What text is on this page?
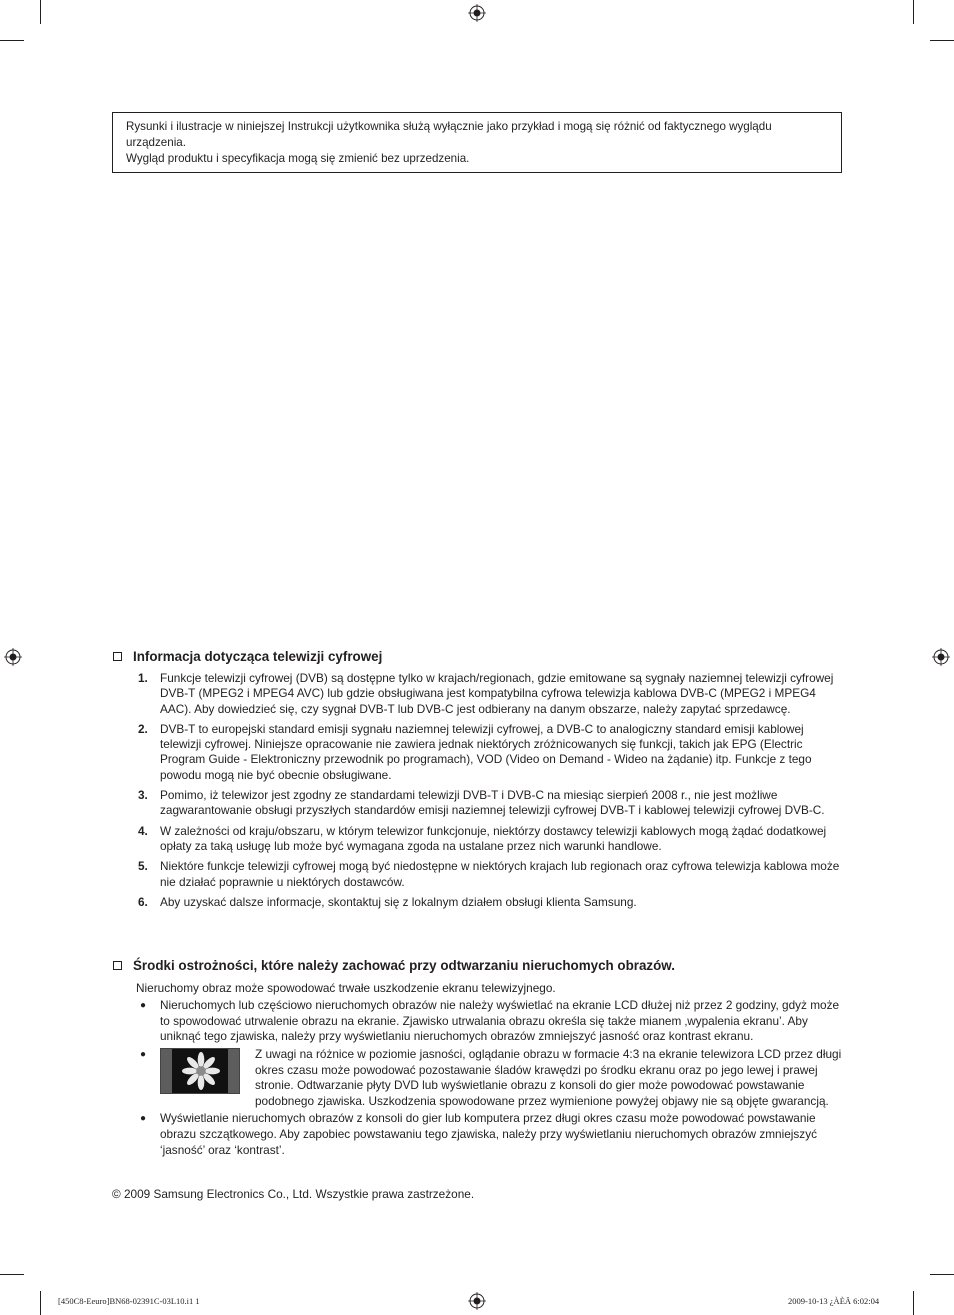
Rysunki i ilustracje w niniejszej Instrukcji użytkownika służą wyłącznie jako przykład i mogą się różnić od faktycznego wyglądu urządzenia.

Wygląd produktu i specyfikacja mogą się zmienić bez uprzedzenia.

Informacja dotycząca telewizji cyfrowej
1. Funkcje telewizji cyfrowej (DVB) są dostępne tylko w krajach/regionach, gdzie emitowane są sygnały naziemnej telewizji cyfrowej DVB-T (MPEG2 i MPEG4 AVC) lub gdzie obsługiwana jest kompatybilna cyfrowa telewizja kablowa DVB-C (MPEG2 i MPEG4 AAC). Aby dowiedzieć się, czy sygnał DVB-T lub DVB-C jest odbierany na danym obszarze, należy zapytać sprzedawcę.
2. DVB-T to europejski standard emisji sygnału naziemnej telewizji cyfrowej, a DVB-C to analogiczny standard emisji kablowej telewizji cyfrowej. Niniejsze opracowanie nie zawiera jednak niektórych zróżnicowanych się funkcji, takich jak EPG (Electric Program Guide - Elektroniczny przewodnik po programach), VOD (Video on Demand - Wideo na żądanie) itp. Funkcje z tego powodu mogą nie być obecnie obsługiwane.
3. Pomimo, iż telewizor jest zgodny ze standardami telewizji DVB-T i DVB-C na miesiąc sierpień 2008 r., nie jest możliwe zagwarantowanie obsługi przyszłych standardów emisji naziemnej telewizji cyfrowej DVB-T i kablowej telewizji cyfrowej DVB-C.
4. W zależności od kraju/obszaru, w którym telewizor funkcjonuje, niektórzy dostawcy telewizji kablowych mogą żądać dodatkowej opłaty za taką usługę lub może być wymagana zgoda na ustalane przez nich warunki handlowe.
5. Niektóre funkcje telewizji cyfrowej mogą być niedostępne w niektórych krajach lub regionach oraz cyfrowa telewizja kablowa może nie działać poprawnie u niektórych dostawców.
6. Aby uzyskać dalsze informacje, skontaktuj się z lokalnym działem obsługi klienta Samsung.
Środki ostrożności, które należy zachować przy odtwarzaniu nieruchomych obrazów.

Nieruchomy obraz może spowodować trwałe uszkodzenie ekranu telewizyjnego.

● Nieruchomych lub częściowo nieruchomych obrazów nie należy wyświetlać na ekranie LCD dłużej niż przez 2 godziny, gdyż może to spowodować utrwalenie obrazu na ekranie. Zjawisko utrwalania obrazu określa się także mianem ‚wypalenia ekranu’. Aby uniknąć tego zjawiska, należy przy wyświetlaniu nieruchomych obrazów zmniejszyć jasność oraz kontrast ekranu.
●	Z uwagi na różnice w poziomie jasności, oglądanie obrazu w formacie 4:3 na ekranie telewizora LCD przez długi okres czasu może powodować pozostawanie śladów krawędzi po środku ekranu oraz po jego lewej i prawej stronie. Odtwarzanie płyty DVD lub wyświetlanie obrazu z konsoli do gier może powodować powstawanie podobnego zjawiska. Uszkodzenia spowodowane przez wymienione powyżej objawy nie są objęte gwarancją.
● Wyświetlanie nieruchomych obrazów z konsoli do gier lub komputera przez długi okres czasu może powodować powstawanie obrazu szczątkowego. Aby zapobiec powstawaniu tego zjawiska, należy przy wyświetlaniu nieruchomych obrazów zmniejszyć ‘jasność’ oraz ‘kontrast’.
© 2009 Samsung Electronics Co., Ltd. Wszystkie prawa zastrzeżone.
[450C8-Eeuro]BN68-02391C-03L10.i1 1	2009-10-13 ¿ÀÈÄ 6:02:04
